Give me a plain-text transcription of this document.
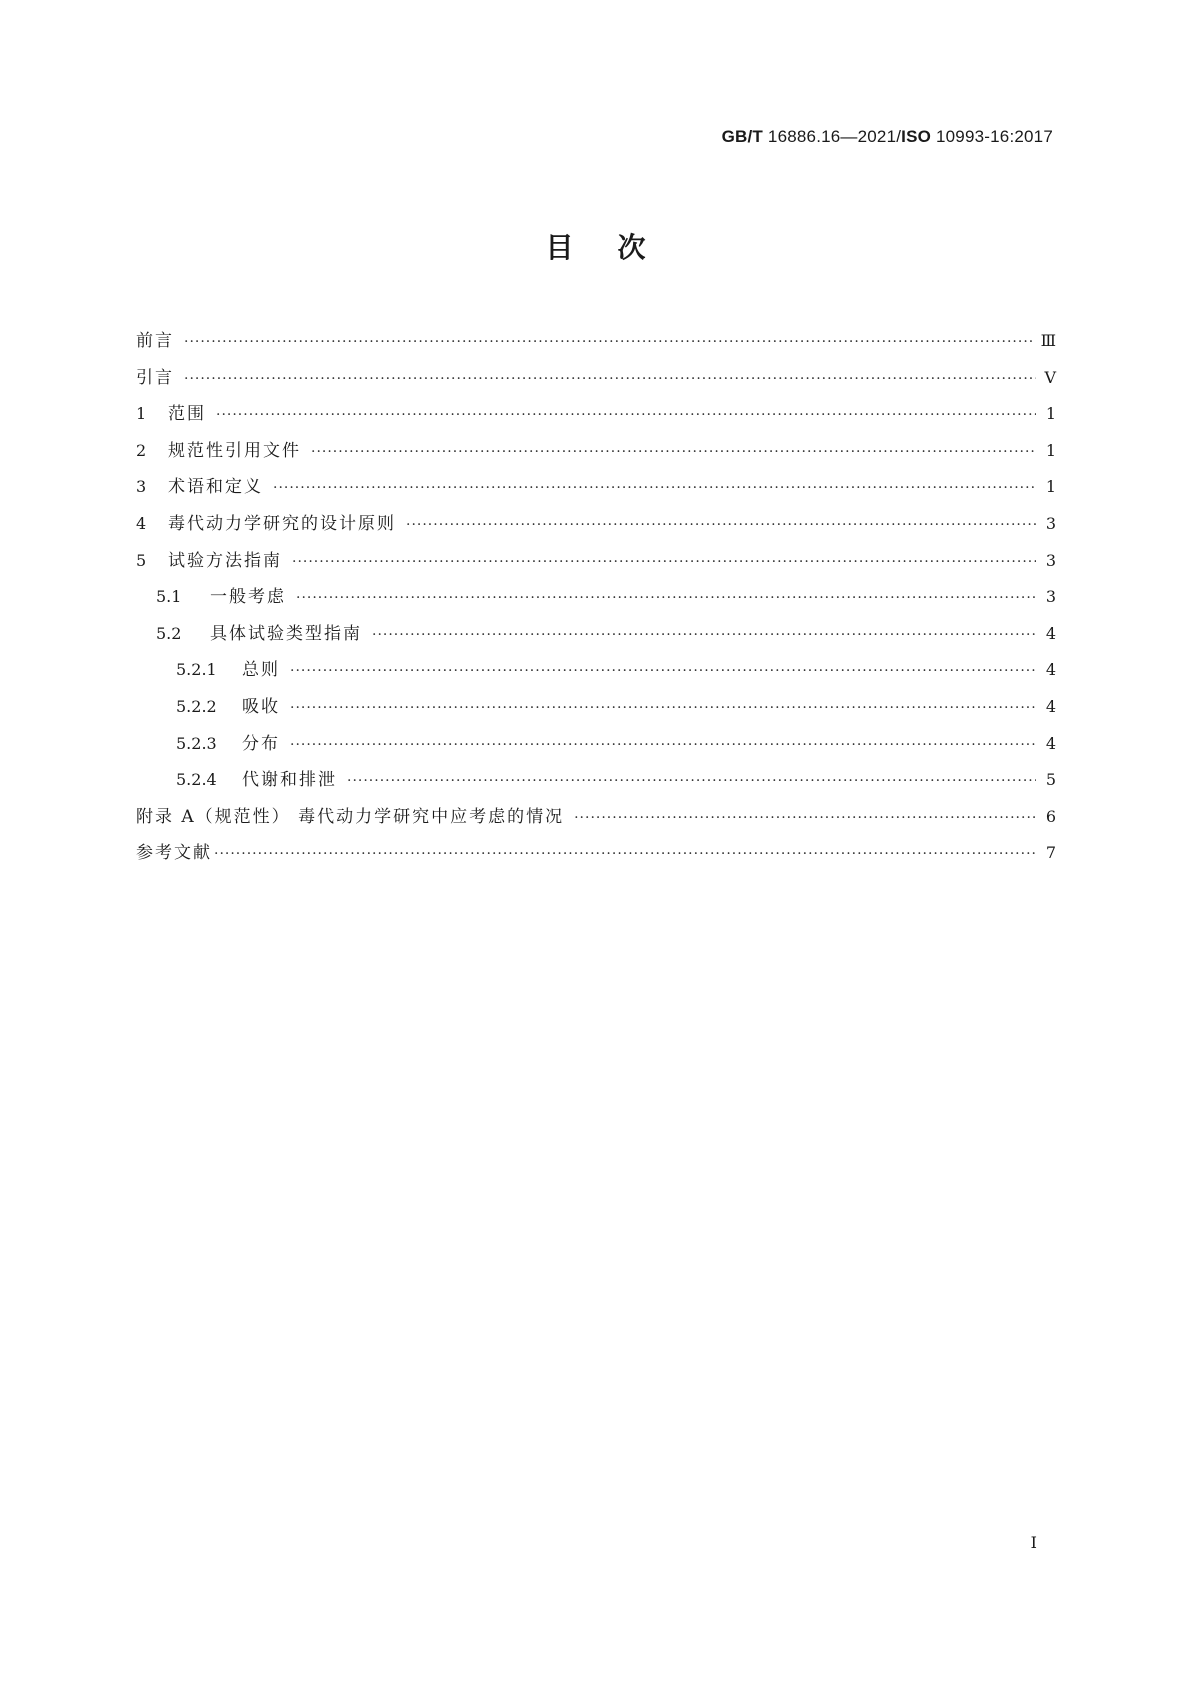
GB/T 16886.16—2021/ISO 10993-16:2017
目次
前言 ·····	Ⅲ
引言 ·····	Ⅴ
1 范围 ·····	1
2 规范性引用文件 ·····	1
3 术语和定义 ·····	1
4 毒代动力学研究的设计原则 ·····	3
5 试验方法指南 ·····	3
5.1	一般考虑 ·····	3
5.2	具体试验类型指南 ·····	4
5.2.1	总则 ·····	4
5.2.2	吸收 ·····	4
5.2.3	分布 ·····	4
5.2.4	代谢和排泄 ·····	5
附录 A（规范性） 毒代动力学研究中应考虑的情况 ·····	6
参考文献 ·····	7
Ⅰ
